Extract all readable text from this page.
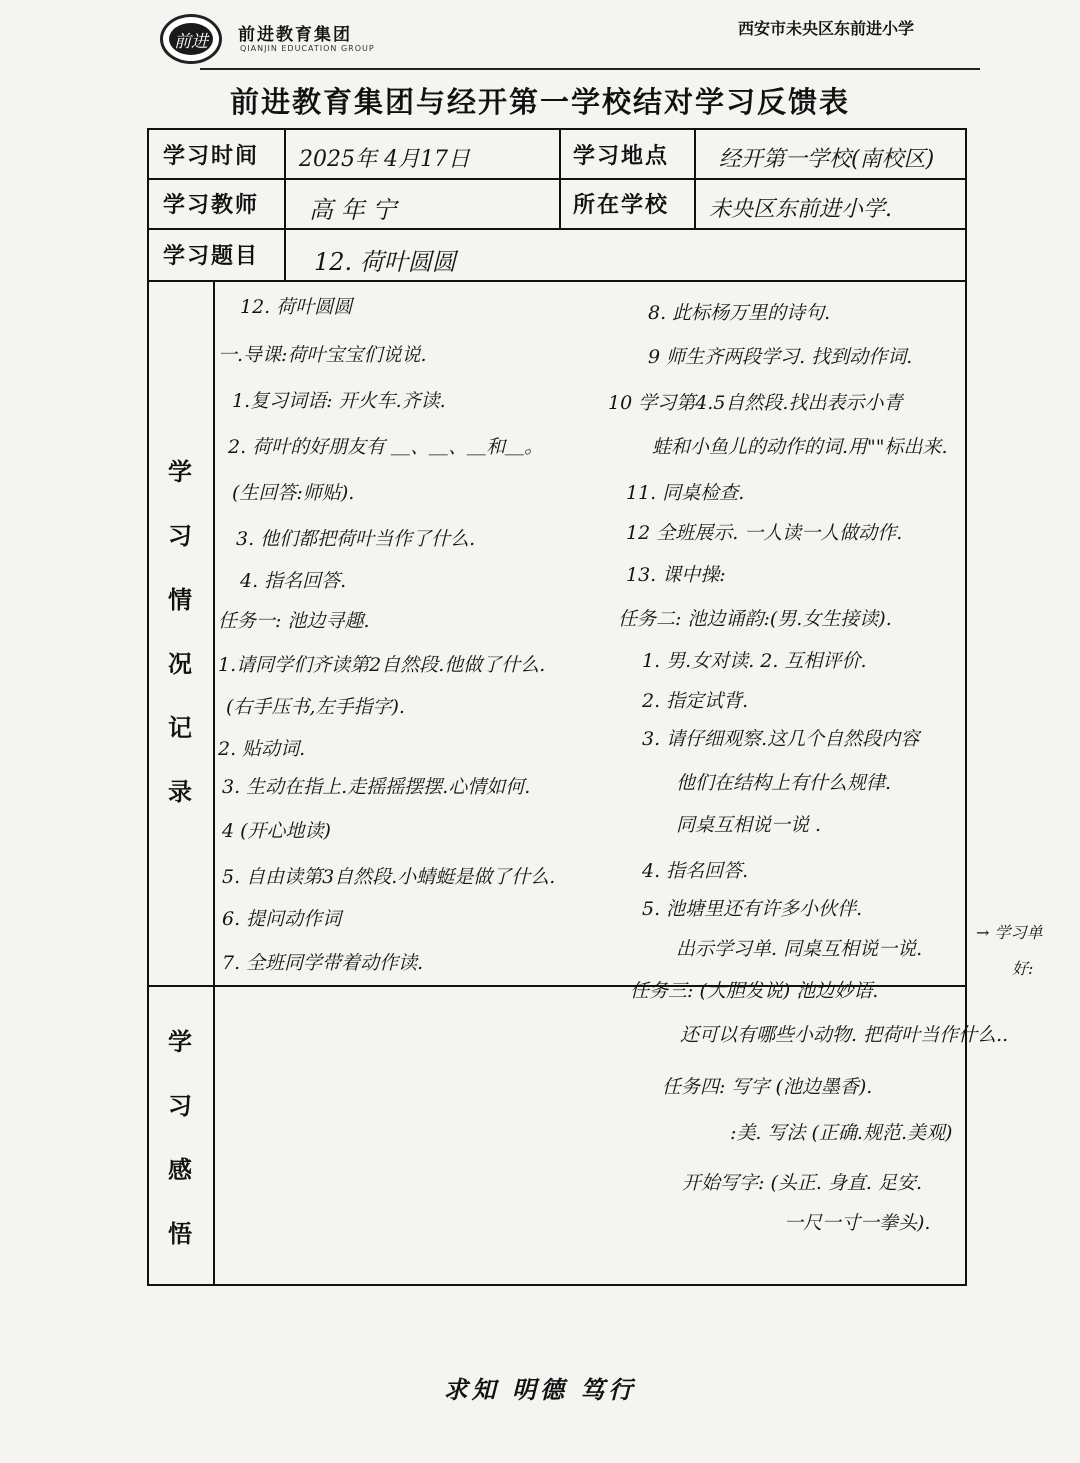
前进 前进教育集团
QIANJIN EDUCATION GROUP
西安市未央区东前进小学
前进教育集团与经开第一学校结对学习反馈表
学习时间 2025年 4月17日	学习地点 经开第一学校(南校区)
学习教师 高 年 宁	所在学校 未央区东前进小学.
学习题目 12. 荷叶圆圆
学
习
情
况
记
录
学
习
感
悟
12. 荷叶圆圆
一.导课:荷叶宝宝们说说.
1.复习词语: 开火车.齐读.
2. 荷叶的好朋友有 ＿、＿、＿和＿。
(生回答:师贴).
3. 他们都把荷叶当作了什么.
4. 指名回答.
任务一: 池边寻趣.
1.请同学们齐读第2自然段.他做了什么.
(右手压书,左手指字).
2. 贴动词.
3. 生动在指上.走摇摇摆摆.心情如何.
4 (开心地读)
5. 自由读第3自然段.小蜻蜓是做了什么.
6. 提问动作词
7. 全班同学带着动作读.
8. 此标杨万里的诗句.
9 师生齐两段学习. 找到动作词.
10 学习第4.5自然段.找出表示小青
蛙和小鱼儿的动作的词.用""标出来.
11. 同桌检查.
12 全班展示. 一人读一人做动作.
13. 课中操:
任务二: 池边诵韵:(男.女生接读).
1. 男.女对读. 2. 互相评价.
2. 指定试背.
3. 请仔细观察.这几个自然段内容
他们在结构上有什么规律.
同桌互相说一说 .
4. 指名回答.
5. 池塘里还有许多小伙伴.
出示学习单. 同桌互相说一说.
任务三: (大胆发说) 池边妙语.
还可以有哪些小动物. 把荷叶当作什么..
→ 学习单
好:
任务四: 写字 (池边墨香).
:美. 写法 (正确.规范.美观)
开始写字: (头正. 身直. 足安.
一尺一寸一拳头).
求知 明德 笃行
